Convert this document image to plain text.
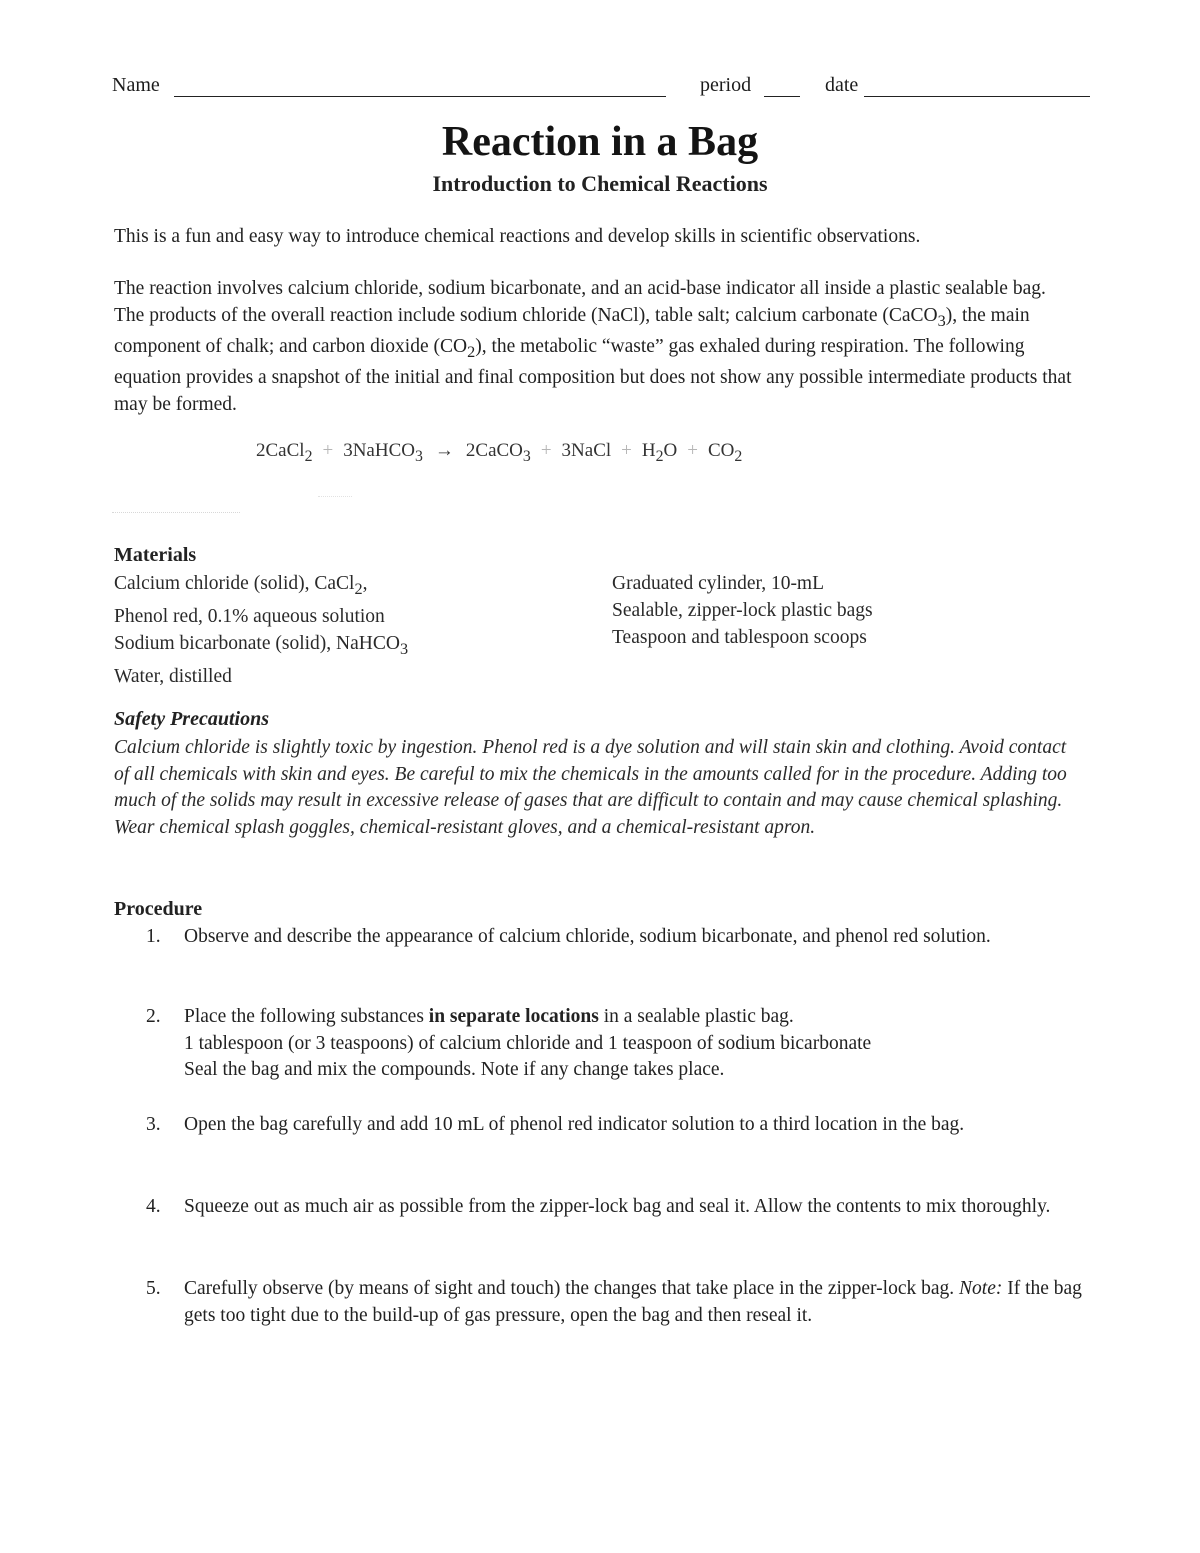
Name	period	date
Reaction in a Bag
Introduction to Chemical Reactions
This is a fun and easy way to introduce chemical reactions and develop skills in scientific observations.
The reaction involves calcium chloride, sodium bicarbonate, and an acid-base indicator all inside a plastic sealable bag. The products of the overall reaction include sodium chloride (NaCl), table salt; calcium carbonate (CaCO$_3$), the main component of chalk; and carbon dioxide $(CO_2)$, the metabolic “waste” gas exhaled during respiration. The following equation provides a snapshot of the initial and final composition but does not show any possible intermediate products that may be formed.
2CaCl$_2$ + 3NaHCO$_3$ → 2CaCO$_3$ + 3NaCl + $H_2O + CO_2$
Materials
Calcium chloride (solid), CaCl$_2$,
Phenol red, 0.1% aqueous solution
Sodium bicarbonate (solid), NaHCO$_3$
Water, distilled
Graduated cylinder, 10-mL
Sealable, zipper-lock plastic bags
Teaspoon and tablespoon scoops
Safety Precautions
Calcium chloride is slightly toxic by ingestion. Phenol red is a dye solution and will stain skin and clothing. Avoid contact of all chemicals with skin and eyes. Be careful to mix the chemicals in the amounts called for in the procedure. Adding too much of the solids may result in excessive release of gases that are difficult to contain and may cause chemical splashing. Wear chemical splash goggles, chemical-resistant gloves, and a chemical-resistant apron.
Procedure
1.	Observe and describe the appearance of calcium chloride, sodium bicarbonate, and phenol red solution.
2.	Place the following substances in separate locations in a sealable plastic bag.
1 tablespoon (or 3 teaspoons) of calcium chloride and 1 teaspoon of sodium bicarbonate
Seal the bag and mix the compounds. Note if any change takes place.
3.	Open the bag carefully and add 10 mL of phenol red indicator solution to a third location in the bag.
4.	Squeeze out as much air as possible from the zipper-lock bag and seal it. Allow the contents to mix thoroughly.
5.	Carefully observe (by means of sight and touch) the changes that take place in the zipper-lock bag. Note: If the bag gets too tight due to the build-up of gas pressure, open the bag and then reseal it.
